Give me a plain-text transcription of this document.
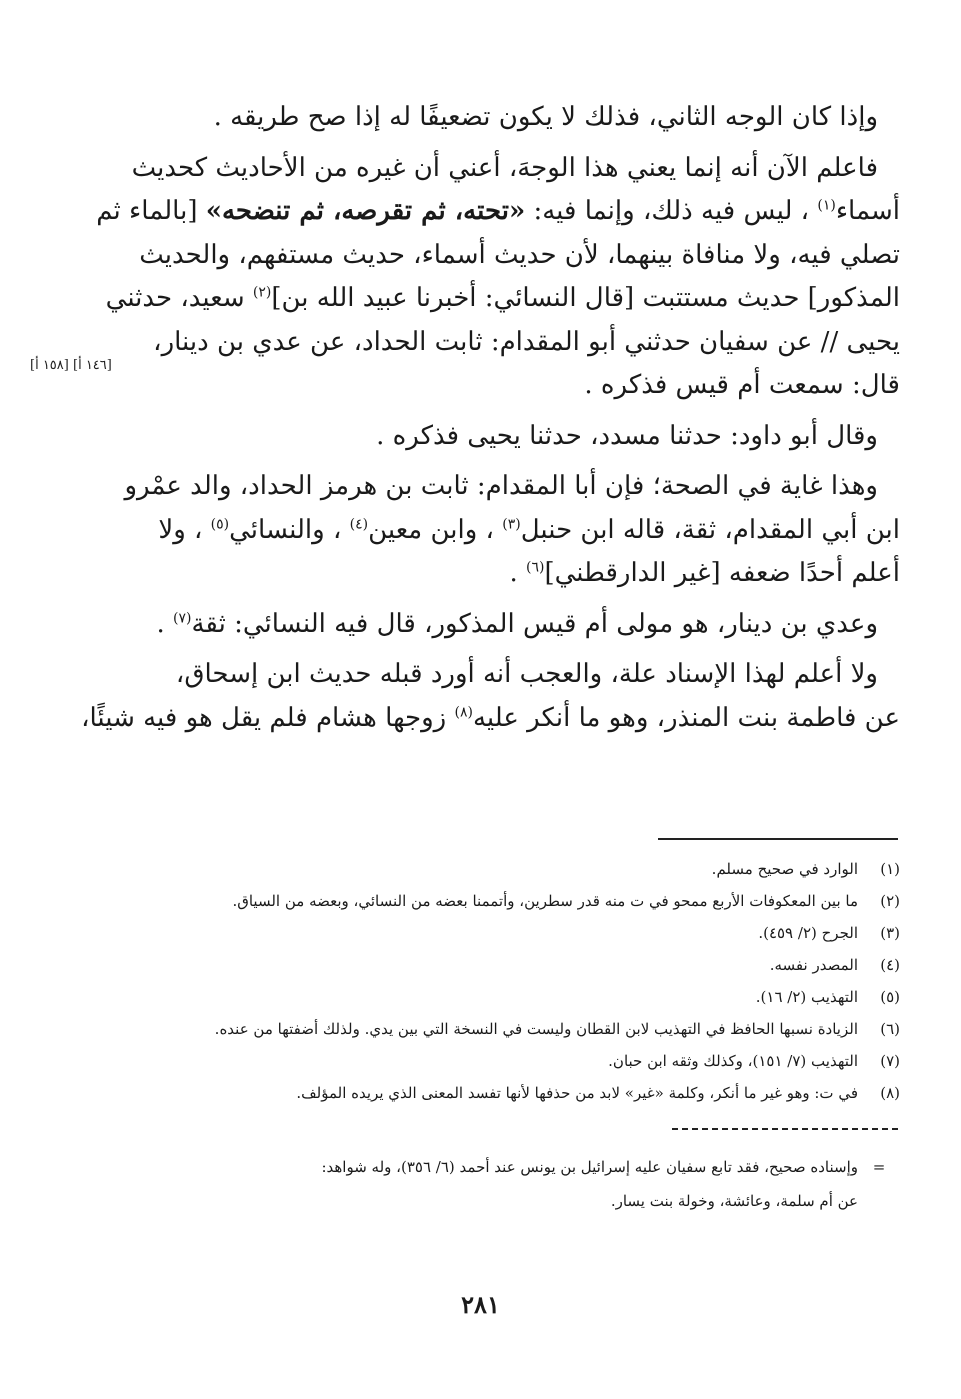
وإذا كان الوجه الثاني، فذلك لا يكون تضعيفًا له إذا صح طريقه .

فاعلم الآن أنه إنما يعني هذا الوجهَ، أعني أن غيره من الأحاديث كحديث
أسماء$^{(١)}$ ، ليس فيه ذلك، وإنما فيه: «تحته، ثم تقرصه، ثم تنضحه» [بالماء ثم
تصلي فيه، ولا منافاة بينهما، لأن حديث أسماء، حديث مستفهم، والحديث
المذكور] حديث مستتبت [قال النسائي: أخبرنا عبيد الله بن]$^{(٢)}$ سعيد، حدثني
يحيى // عن سفيان حدثني أبو المقدام: ثابت الحداد، عن عدي بن دينار،
قال: سمعت أم قيس فذكره .

وقال أبو داود: حدثنا مسدد، حدثنا يحيى فذكره .

وهذا غاية في الصحة؛ فإن أبا المقدام: ثابت بن هرمز الحداد، والد عمْرو
ابن أبي المقدام، ثقة، قاله ابن حنبل$^{(٣)}$ ، وابن معين$^{(٤)}$ ، والنسائي$^{(٥)}$ ، ولا
أعلم أحدًا ضعفه [غير الدارقطني]$^{(٦)}$ .

وعدي بن دينار، هو مولى أم قيس المذكور، قال فيه النسائي: ثقة$^{(٧)}$ .

ولا أعلم لهذا الإسناد علة، والعجب أنه أورد قبله حديث ابن إسحاق،
عن فاطمة بنت المنذر، وهو ما أنكر عليه$^{(٨)}$ زوجها هشام فلم يقل هو فيه شيئًا،

[١٥٨ أ] [١٤٦ أ]
(١)
الوارد في صحيح مسلم.
(٢)
ما بين المعكوفات الأربع ممحو في ت منه قدر سطرين، وأتممنا بعضه من النسائي، وبعضه من السياق.
(٣)
الجرح (٢/ ٤٥٩).
(٤)
المصدر نفسه.
(٥)
التهذيب (٢/ ١٦).
(٦)
الزيادة نسبها الحافظ في التهذيب لابن القطان وليست في النسخة التي بين يدي. ولذلك أضفتها من عنده.
(٧)
التهذيب (٧/ ١٥١)، وكذلك وثقه ابن حبان.
(٨)
في ت: وهو غير ما أنكر، وكلمة «غير» لابد من حذفها لأنها تفسد المعنى الذي يريده المؤلف.
=
وإسناده صحيح، فقد تابع سفيان عليه إسرائيل بن يونس عند أحمد (٦/ ٣٥٦)، وله شواهد:
عن أم سلمة، وعائشة، وخولة بنت يسار.
٢٨١
